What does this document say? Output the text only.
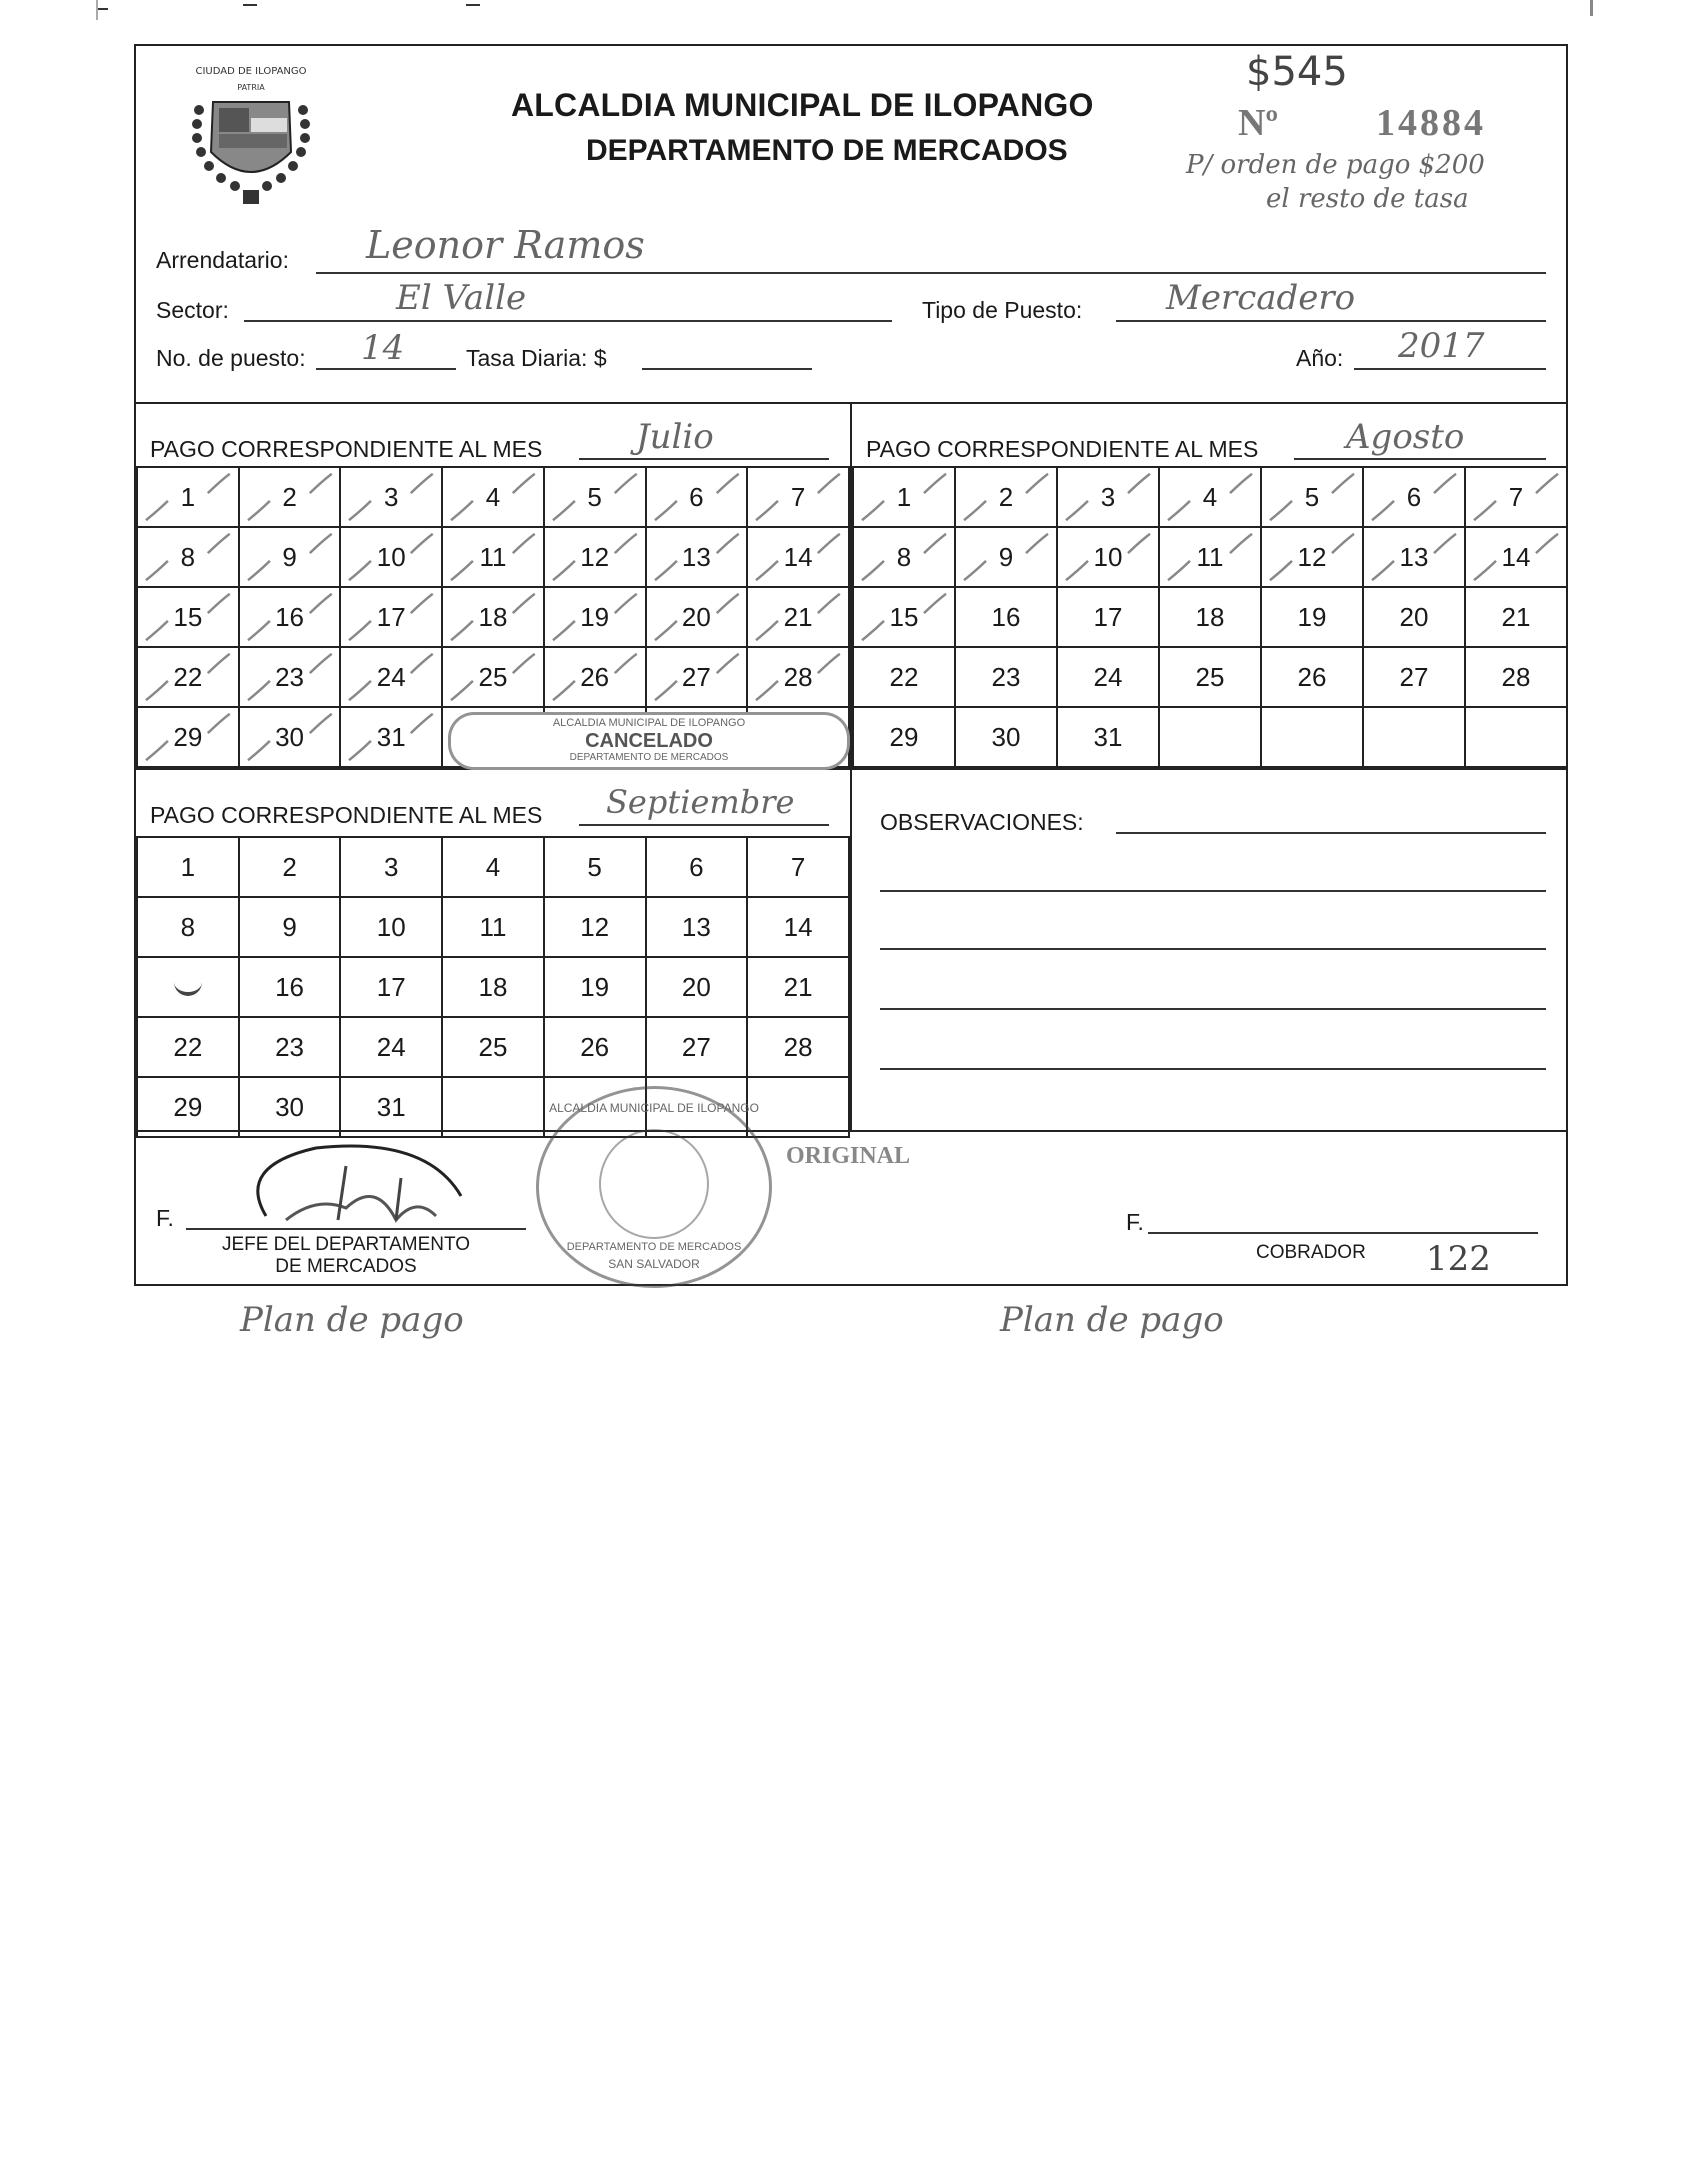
CIUDAD DE ILOPANGO
PATRIA	ALCALDIA MUNICIPAL DE ILOPANGO
DEPARTAMENTO DE MERCADOS
$545
Nº	14884
P/ orden de pago $200
el resto de tasa
Arrendatario: Leonor Ramos
Sector:	El Valle	Tipo de Puesto: Mercadero
No. de puesto: 14	Tasa Diaria: $	Año: 2017
PAGO CORRESPONDIENTE AL MES	Julio
1	2	3	4	5	6	7

8	9	10	11	12	13	14

15	16	17	18	19	20	21

22	23	24	25	26	27	28

29	30	31

PAGO CORRESPONDIENTE AL MES	Agosto
1	2	3	4	5	6	7

8	9	10	11	12	13	14

15	16	17	18	19	20	21
22	23	24	25	26	27	28
29	30	31				
PAGO CORRESPONDIENTE AL MES Septiembre
1	2	3	4	5	6	7
8	9	10	11	12	13	14
	16	17	18	19	20	21
22	23	24	25	26	27	28
29	30	31				
OBSERVACIONES:
ORIGINAL
F.
JEFE DEL DEPARTAMENTO
DE MERCADOS
ALCALDIA MUNICIPAL DE ILOPANGO
DEPARTAMENTO DE MERCADOS
SAN SALVADOR
F.
COBRADOR 122
ALCALDIA MUNICIPAL DE ILOPANGO
CANCELADO
DEPARTAMENTO DE MERCADOS
Plan de pago
Plan de pago
